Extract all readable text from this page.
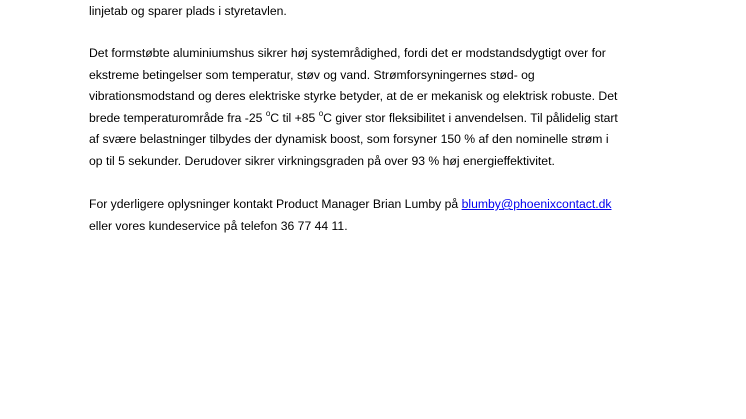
linjetab og sparer plads i styretavlen.
Det formstøbte aluminiumshus sikrer høj systemrådighed, fordi det er modstandsdygtigt over for
ekstreme betingelser som temperatur, støv og vand. Strømforsyningernes stød- og
vibrationsmodstand og deres elektriske styrke betyder, at de er mekanisk og elektrisk robuste. Det
brede temperaturområde fra -25 $^o$C til +85 $^o$C giver stor fleksibilitet i anvendelsen. Til pålidelig start
af svære belastninger tilbydes der dynamisk boost, som forsyner 150 % af den nominelle strøm i
op til 5 sekunder. Derudover sikrer virkningsgraden på over 93 % høj energieffektivitet.
For yderligere oplysninger kontakt Product Manager Brian Lumby på blumby@phoenixcontact.dk
eller vores kundeservice på telefon 36 77 44 11.
